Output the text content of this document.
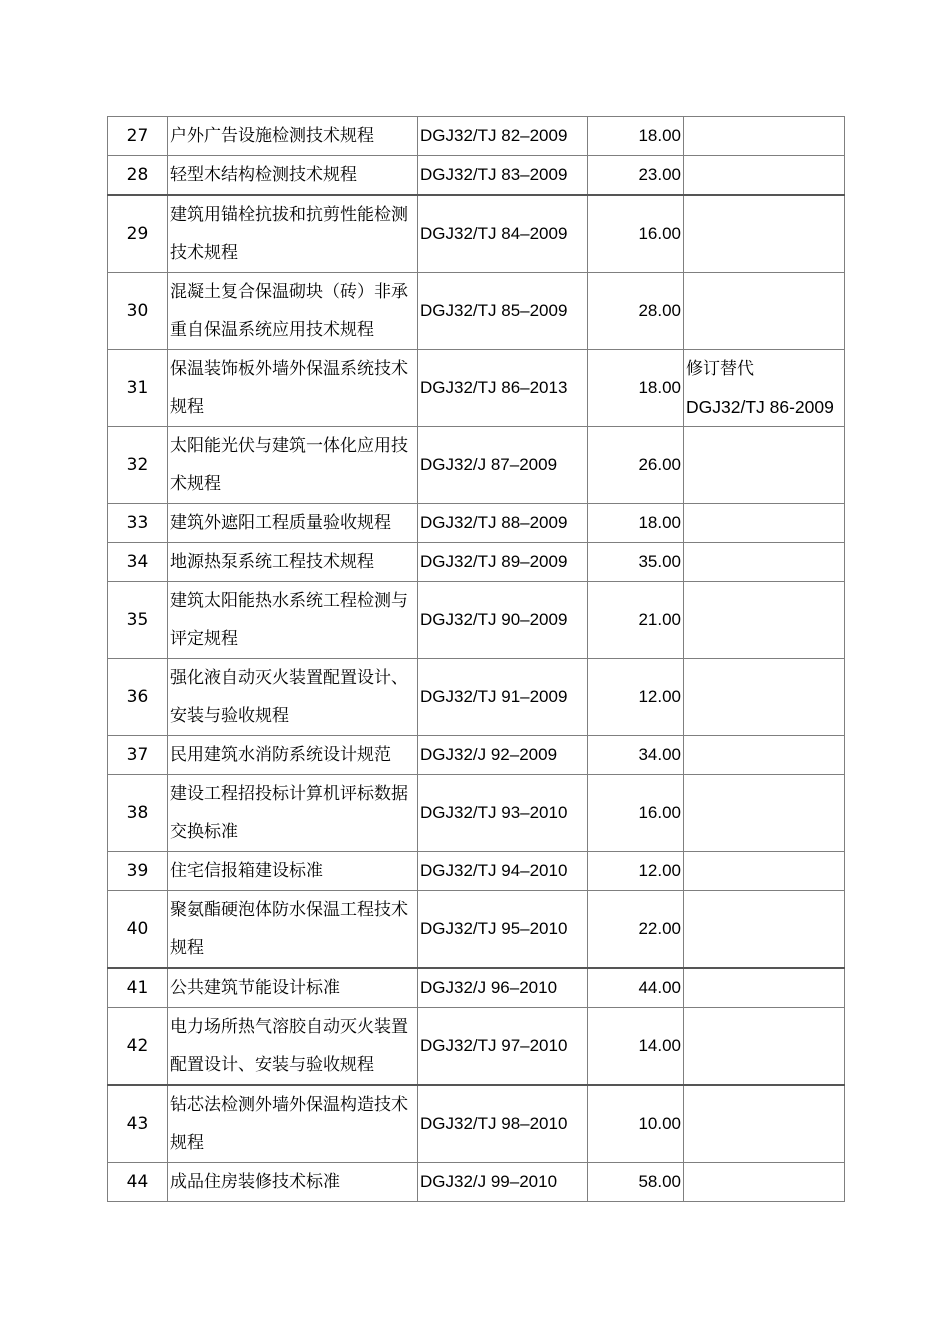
27	户外广告设施检测技术规程	DGJ32/TJ 82–2009	18.00	
28	轻型木结构检测技术规程	DGJ32/TJ 83–2009	23.00	
29	建筑用锚栓抗拔和抗剪性能检测技术规程	DGJ32/TJ 84–2009	16.00	
30	混凝土复合保温砌块（砖）非承重自保温系统应用技术规程	DGJ32/TJ 85–2009	28.00	
31	保温装饰板外墙外保温系统技术规程	DGJ32/TJ 86–2013	18.00	修订替代
DGJ32/TJ 86-2009

32	太阳能光伏与建筑一体化应用技术规程	DGJ32/J 87–2009	26.00	
33	建筑外遮阳工程质量验收规程	DGJ32/TJ 88–2009	18.00	
34	地源热泵系统工程技术规程	DGJ32/TJ 89–2009	35.00	
35	建筑太阳能热水系统工程检测与评定规程	DGJ32/TJ 90–2009	21.00	
36	强化液自动灭火装置配置设计、安装与验收规程	DGJ32/TJ 91–2009	12.00	
37	民用建筑水消防系统设计规范	DGJ32/J 92–2009	34.00	
38	建设工程招投标计算机评标数据交换标准	DGJ32/TJ 93–2010	16.00	
39	住宅信报箱建设标准	DGJ32/TJ 94–2010	12.00	
40	聚氨酯硬泡体防水保温工程技术规程	DGJ32/TJ 95–2010	22.00	
41	公共建筑节能设计标准	DGJ32/J 96–2010	44.00	
42	电力场所热气溶胶自动灭火装置配置设计、安装与验收规程	DGJ32/TJ 97–2010	14.00	
43	钻芯法检测外墙外保温构造技术规程	DGJ32/TJ 98–2010	10.00	
44	成品住房装修技术标准	DGJ32/J 99–2010	58.00	
